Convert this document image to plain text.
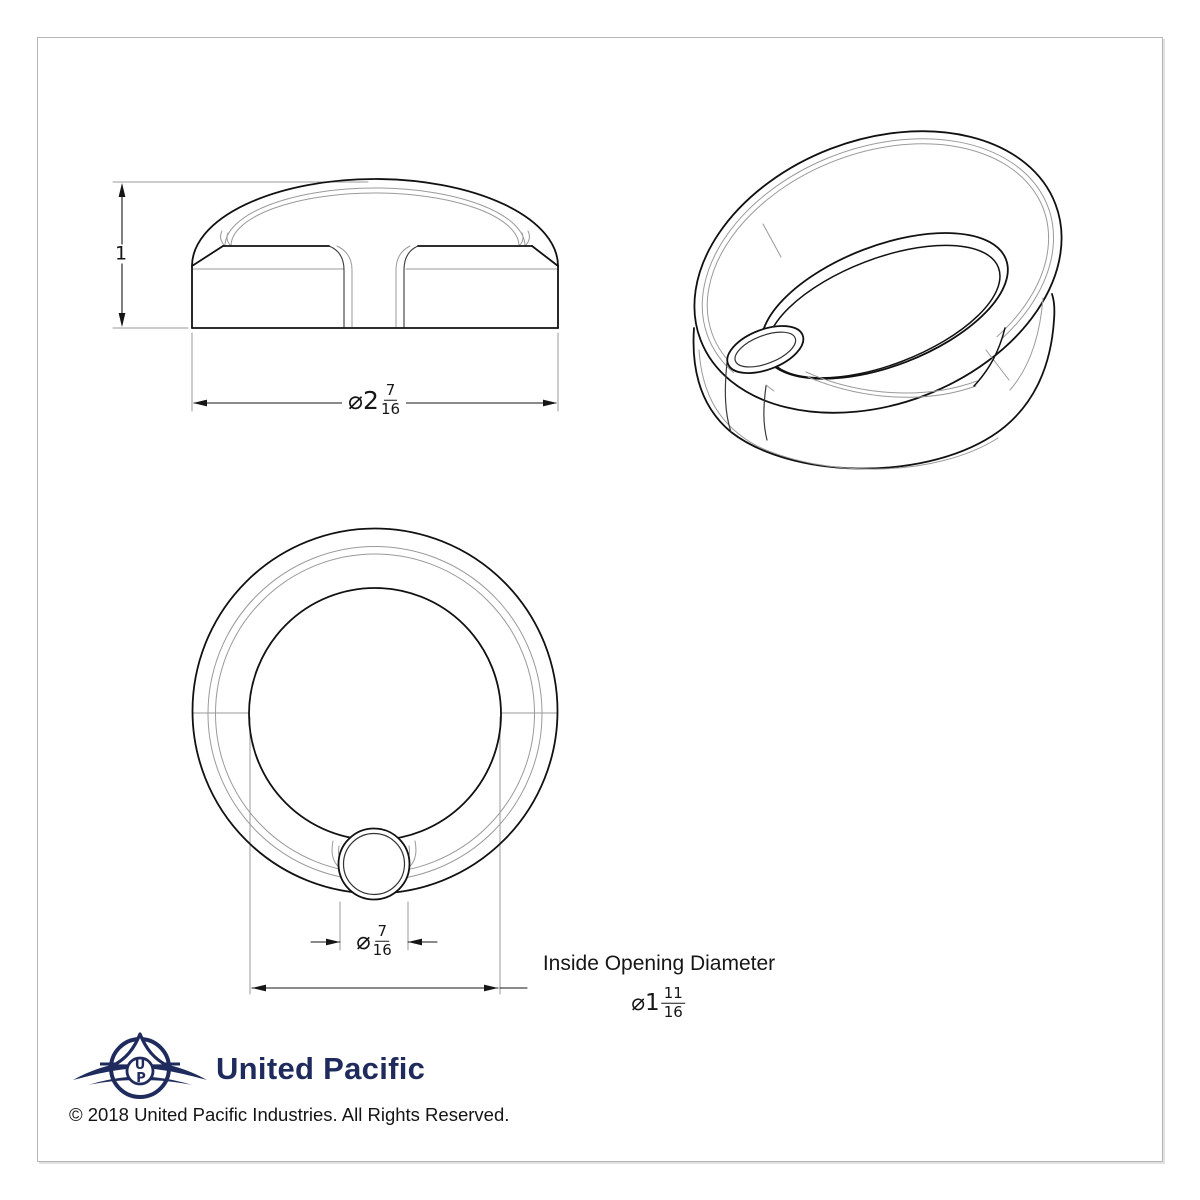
U
P
1
⌀2 $\frac{7}{16}$
⌀ $\frac{7}{16}$
Inside Opening Diameter
⌀1 $\frac{11}{16}$
United Pacific
© 2018 United Pacific Industries. All Rights Reserved.
